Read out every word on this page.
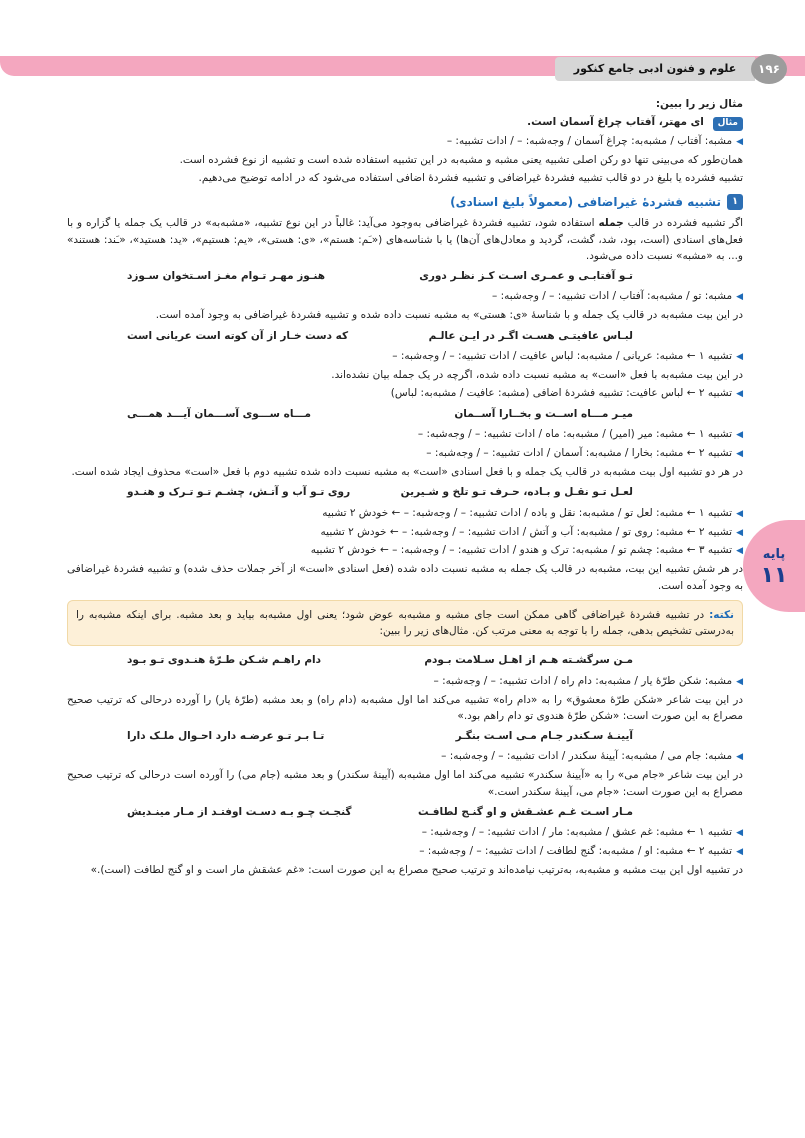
علوم و فنون ادبی جامع کنکور	۱۹۶
پایه
۱۱
مثال زیر را ببین:
مثال ای مهتر، آفتاب چراغ آسمان است.
◀
مشبه: آفتاب / مشبه‌به: چراغ آسمان / وجه‌شبه: – / ادات تشبیه: –
همان‌طور که می‌بینی تنها دو رکن اصلی تشبیه یعنی مشبه و مشبه‌به در این تشبیه استفاده شده است و تشبیه از نوع فشرده است.
تشبیه فشرده یا بلیغ در دو قالب تشبیه فشردهٔ غیراضافی و تشبیه فشردهٔ اضافی استفاده می‌شود که در ادامه توضیح می‌دهیم.
۱
تشبیه فشردهٔ غیراضافی (معمولاً بلیغ اسنادی)
اگر تشبیه فشرده در قالب جمله استفاده شود، تشبیه فشردهٔ غیراضافی به‌وجود می‌آید: غالباً در این نوع تشبیه، «مشبه‌به» در قالب یک جمله یا گزاره و با فعل‌های اسنادی (است، بود، شد، گشت، گردید و معادل‌های آن‌ها) یا با شناسه‌های («ـَم: هستم»، «ی: هستی»، «یم: هستیم»، «ید: هستید»، «ـَند: هستند» و... به «مشبه» نسبت داده می‌شود.
تـو آفتابـی و عمـری اسـت کـز نظـر دوری
هنـوز مهـر تـوام مغـز اسـتخوان سـوزد
◀
مشبه: تو / مشبه‌به: آفتاب / ادات تشبیه: – / وجه‌شبه: –
در این بیت مشبه‌به در قالب یک جمله و با شناسهٔ «ی: هستی» به مشبه نسبت داده شده و تشبیه فشردهٔ غیراضافی به وجود آمده است.
لبـاس عافیتـی هسـت اگـر در ایـن عالـم
که دست خـار از آن کوته است عریانی است
◀
تشبیه ۱ ← مشبه: عریانی / مشبه‌به: لباس عافیت / ادات تشبیه: – / وجه‌شبه: –
در این بیت مشبه‌به با فعل «است» به مشبه نسبت داده شده، اگرچه در یک جمله بیان نشده‌اند.
◀
تشبیه ۲ ← لباس عافیت: تشبیه فشردهٔ اضافی (مشبه: عافیت / مشبه‌به: لباس)
میـر مـــاه اســت و بخــارا آســمان
مـــاه ســـوی آســـمان آیـــد همـــی
◀
تشبیه ۱ ← مشبه: میر (امیر) / مشبه‌به: ماه / ادات تشبیه: – / وجه‌شبه: –
◀
تشبیه ۲ ← مشبه: بخارا / مشبه‌به: آسمان / ادات تشبیه: – / وجه‌شبه: –
در هر دو تشبیه اول بیت مشبه‌به در قالب یک جمله و با فعل اسنادی «است» به مشبه نسبت داده شده تشبیه دوم با فعل «است» محذوف ایجاد شده است.
لعـل تـو نقـل و بـاده، حـرف تـو تلخ و شـیرین
روی تـو آب و آتـش، چشـم تـو تـرک و هنـدو
◀
تشبیه ۱ ← مشبه: لعل تو / مشبه‌به: نقل و باده / ادات تشبیه: – / وجه‌شبه: – ← خودش ۲ تشبیه
◀
تشبیه ۲ ← مشبه: روی تو / مشبه‌به: آب و آتش / ادات تشبیه: – / وجه‌شبه: – ← خودش ۲ تشبیه
◀
تشبیه ۳ ← مشبه: چشم تو / مشبه‌به: ترک و هندو / ادات تشبیه: – / وجه‌شبه: – ← خودش ۲ تشبیه
در هر شش تشبیه این بیت، مشبه‌به در قالب یک جمله به مشبه نسبت داده شده (فعل اسنادی «است» از آخر جملات حذف شده) و تشبیه فشردهٔ غیراضافی به وجود آمده است.
نکته: در تشبیه فشردهٔ غیراضافی گاهی ممکن است جای مشبه و مشبه‌به عوض شود؛ یعنی اول مشبه‌به بیاید و بعد مشبه. برای اینکه مشبه‌به را به‌درستی تشخیص بدهی، جمله را با توجه به معنی مرتب کن. مثال‌های زیر را ببین:
مـن سرگشـته هـم از اهـل سـلامت بـودم
دام راهـم شـکن طـرّهٔ هنـدوی تـو بـود
◀
مشبه: شکن طرّهٔ یار / مشبه‌به: دام راه / ادات تشبیه: – / وجه‌شبه: –
در این بیت شاعر «شکن طرّهٔ معشوق» را به «دام راه» تشبیه می‌کند اما اول مشبه‌به (دام راه) و بعد مشبه (طرّهٔ یار) را آورده درحالی که ترتیب صحیح مصراع به این صورت است: «شکن طرّهٔ هندوی تو دام راهم بود.»
آیینـهٔ سـکندر جـام مـی اسـت بنگـر
تـا بـر تـو عرضـه دارد احـوال ملـک دارا
◀
مشبه: جام می / مشبه‌به: آیینهٔ سکندر / ادات تشبیه: – / وجه‌شبه: –
در این بیت شاعر «جام می» را به «آیینهٔ سکندر» تشبیه می‌کند اما اول مشبه‌به (آیینهٔ سکندر) و بعد مشبه (جام می) را آورده است درحالی که ترتیب صحیح مصراع به این صورت است: «جام می، آیینهٔ سکندر است.»
مـار اسـت غـم عشـقش و او گنـج لطافـت
گنجـت چـو بـه دسـت اوفتـد از مـار مینـدیش
◀
تشبیه ۱ ← مشبه: غم عشق / مشبه‌به: مار / ادات تشبیه: – / وجه‌شبه: –
◀
تشبیه ۲ ← مشبه: او / مشبه‌به: گنج لطافت / ادات تشبیه: – / وجه‌شبه: –
در تشبیه اول این بیت مشبه و مشبه‌به، به‌ترتیب نیامده‌اند و ترتیب صحیح مصراع به این صورت است: «غم عشقش مار است و او گنج لطافت (است).»
